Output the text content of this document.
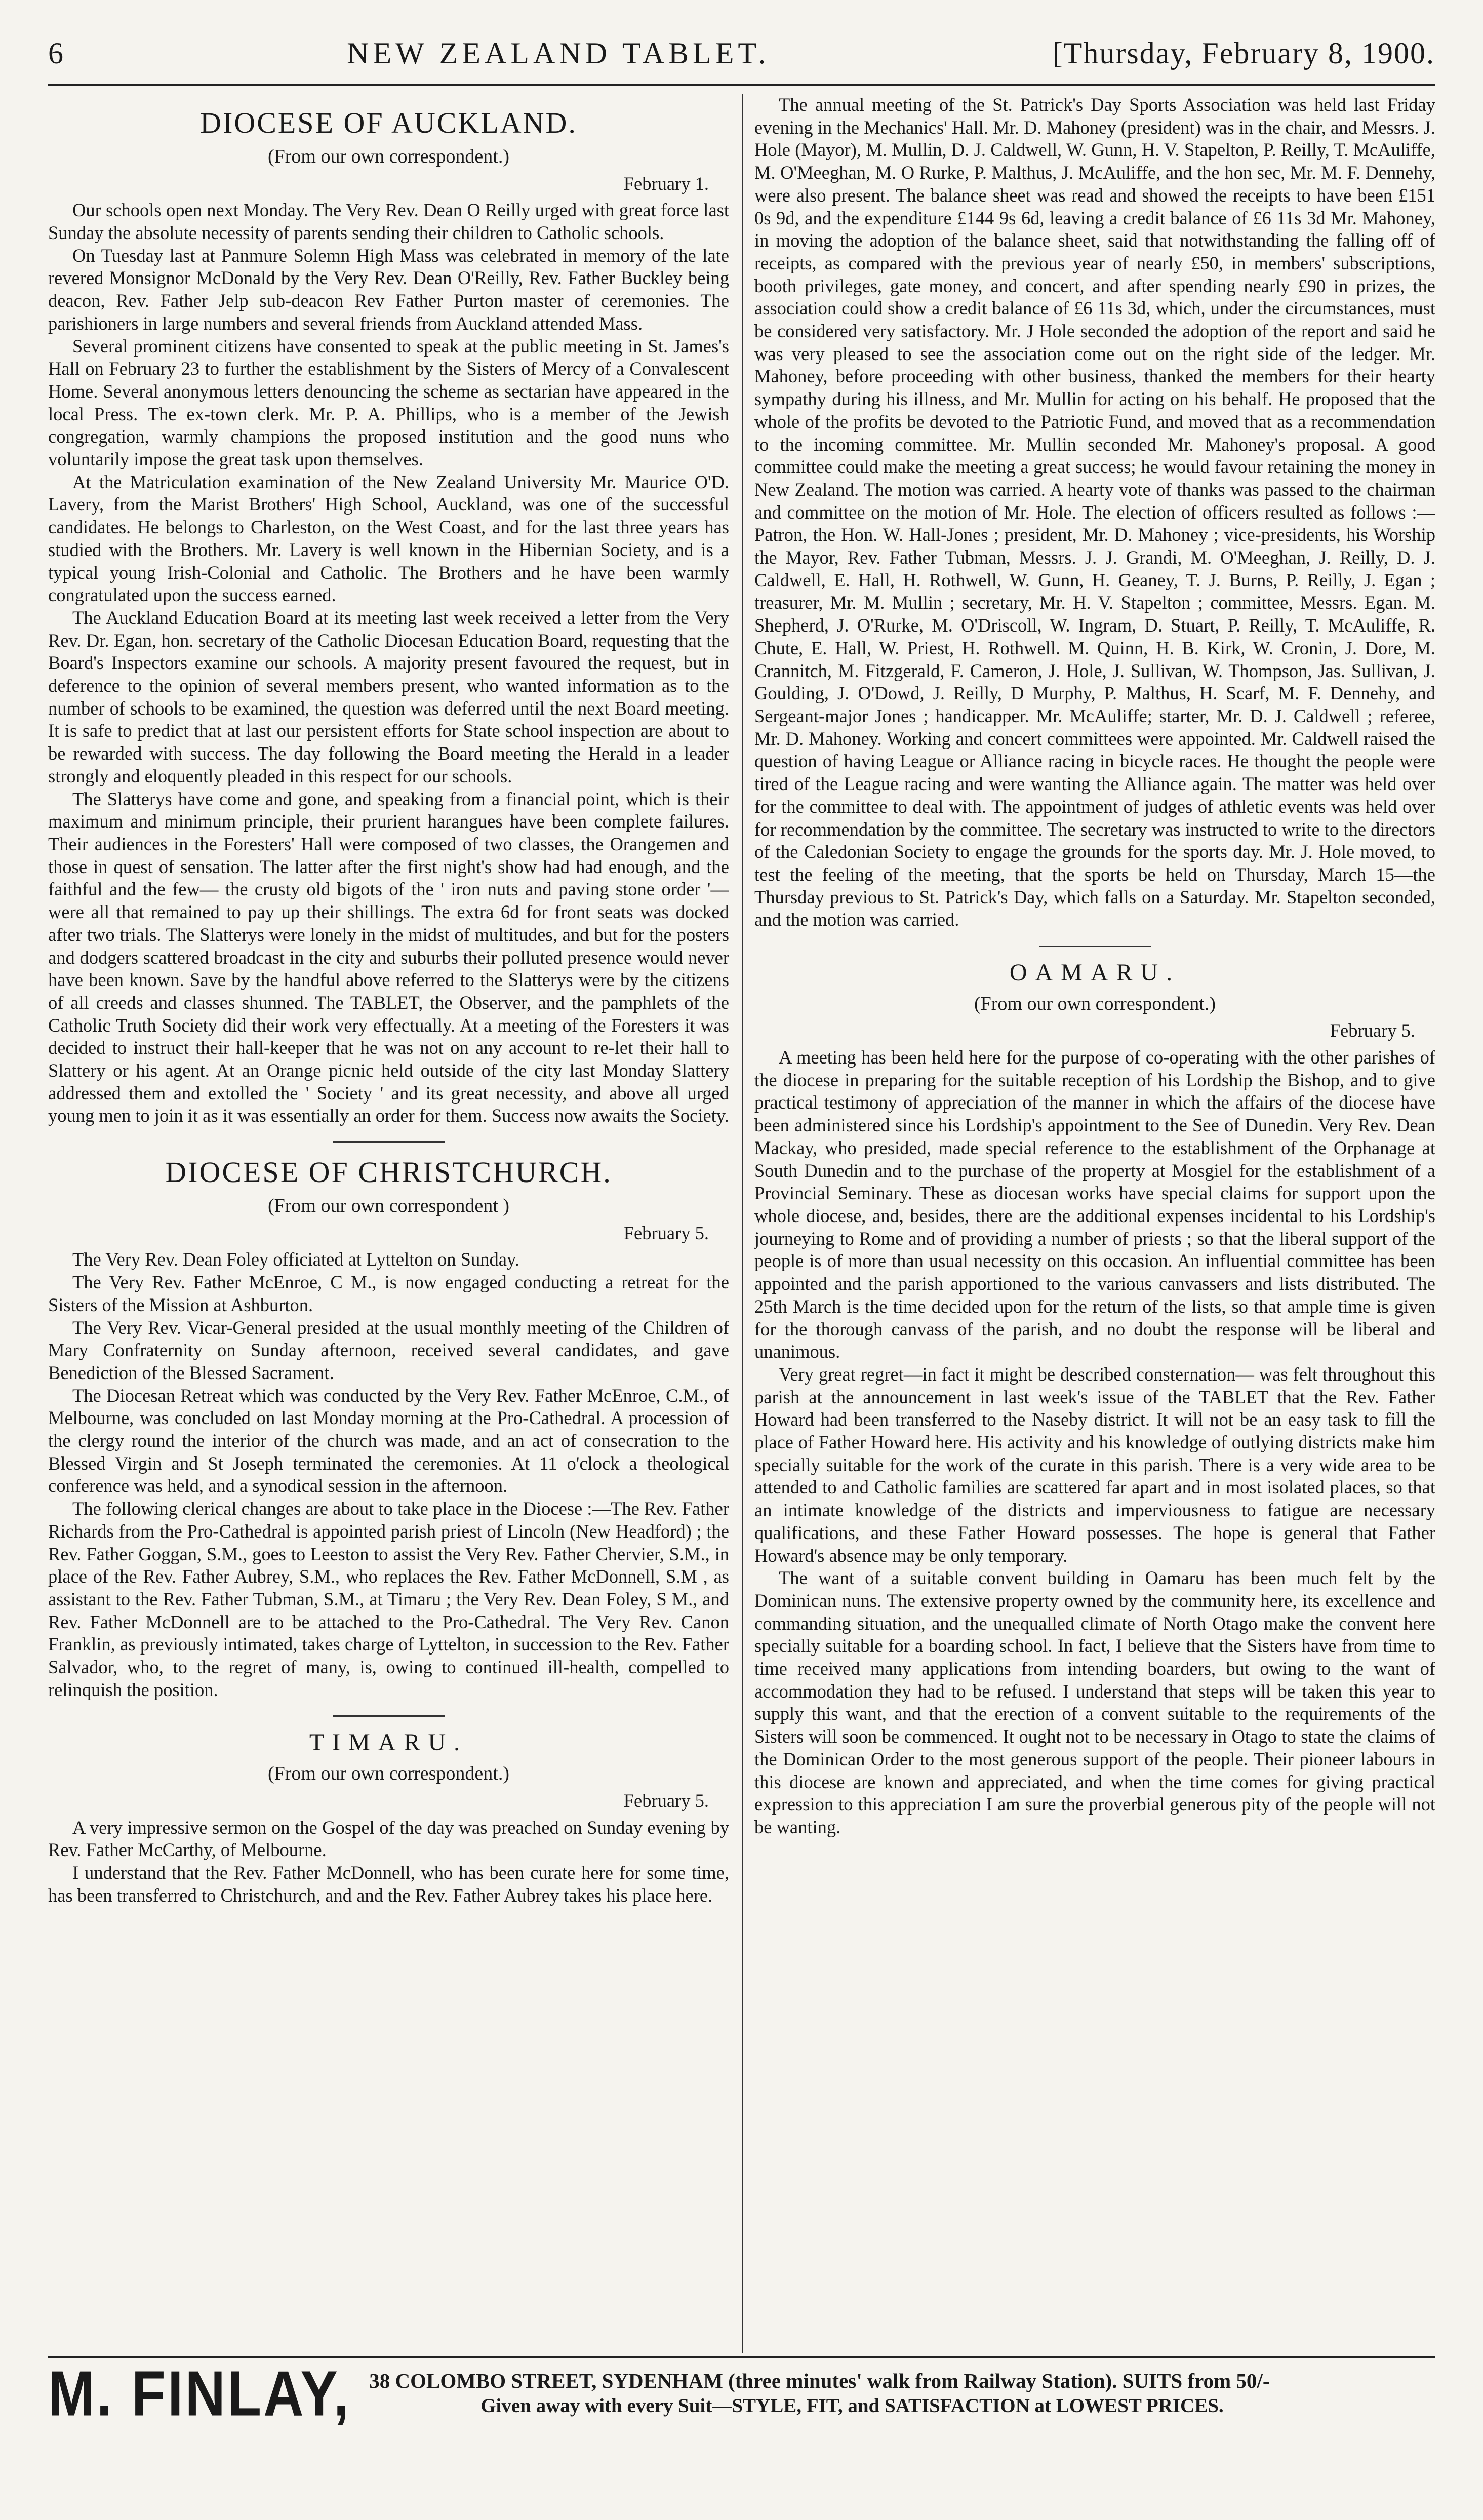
6	NEW ZEALAND TABLET.	[Thursday, February 8, 1900.
DIOCESE OF AUCKLAND.
(From our own correspondent.)
February 1.

Our schools open next Monday. The Very Rev. Dean O Reilly urged with great force last Sunday the absolute necessity of parents sending their children to Catholic schools.

On Tuesday last at Panmure Solemn High Mass was celebrated in memory of the late revered Monsignor McDonald by the Very Rev. Dean O'Reilly, Rev. Father Buckley being deacon, Rev. Father Jelp sub-deacon Rev Father Purton master of ceremonies. The parishioners in large numbers and several friends from Auckland attended Mass.

Several prominent citizens have consented to speak at the public meeting in St. James's Hall on February 23 to further the establishment by the Sisters of Mercy of a Convalescent Home. Several anonymous letters denouncing the scheme as sectarian have appeared in the local Press. The ex-town clerk. Mr. P. A. Phillips, who is a member of the Jewish congregation, warmly champions the proposed institution and the good nuns who voluntarily impose the great task upon themselves.

At the Matriculation examination of the New Zealand University Mr. Maurice O'D. Lavery, from the Marist Brothers' High School, Auckland, was one of the successful candidates. He belongs to Charleston, on the West Coast, and for the last three years has studied with the Brothers. Mr. Lavery is well known in the Hibernian Society, and is a typical young Irish-Colonial and Catholic. The Brothers and he have been warmly congratulated upon the success earned.

The Auckland Education Board at its meeting last week received a letter from the Very Rev. Dr. Egan, hon. secretary of the Catholic Diocesan Education Board, requesting that the Board's Inspectors examine our schools. A majority present favoured the request, but in deference to the opinion of several members present, who wanted information as to the number of schools to be examined, the question was deferred until the next Board meeting. It is safe to predict that at last our persistent efforts for State school inspection are about to be rewarded with success. The day following the Board meeting the Herald in a leader strongly and eloquently pleaded in this respect for our schools.

The Slatterys have come and gone, and speaking from a financial point, which is their maximum and minimum principle, their prurient harangues have been complete failures. Their audiences in the Foresters' Hall were composed of two classes, the Orangemen and those in quest of sensation. The latter after the first night's show had had enough, and the faithful and the few— the crusty old bigots of the ' iron nuts and paving stone order '— were all that remained to pay up their shillings. The extra 6d for front seats was docked after two trials. The Slatterys were lonely in the midst of multitudes, and but for the posters and dodgers scattered broadcast in the city and suburbs their polluted presence would never have been known. Save by the handful above referred to the Slatterys were by the citizens of all creeds and classes shunned. The TABLET, the Observer, and the pamphlets of the Catholic Truth Society did their work very effectually. At a meeting of the Foresters it was decided to instruct their hall-keeper that he was not on any account to re-let their hall to Slattery or his agent. At an Orange picnic held outside of the city last Monday Slattery addressed them and extolled the ' Society ' and its great necessity, and above all urged young men to join it as it was essentially an order for them. Success now awaits the Society.

DIOCESE OF CHRISTCHURCH.
(From our own correspondent )
February 5.

The Very Rev. Dean Foley officiated at Lyttelton on Sunday.

The Very Rev. Father McEnroe, C M., is now engaged conducting a retreat for the Sisters of the Mission at Ashburton.

The Very Rev. Vicar-General presided at the usual monthly meeting of the Children of Mary Confraternity on Sunday afternoon, received several candidates, and gave Benediction of the Blessed Sacrament.

The Diocesan Retreat which was conducted by the Very Rev. Father McEnroe, C.M., of Melbourne, was concluded on last Monday morning at the Pro-Cathedral. A procession of the clergy round the interior of the church was made, and an act of consecration to the Blessed Virgin and St Joseph terminated the ceremonies. At 11 o'clock a theological conference was held, and a synodical session in the afternoon.

The following clerical changes are about to take place in the Diocese :—The Rev. Father Richards from the Pro-Cathedral is appointed parish priest of Lincoln (New Headford) ; the Rev. Father Goggan, S.M., goes to Leeston to assist the Very Rev. Father Chervier, S.M., in place of the Rev. Father Aubrey, S.M., who replaces the Rev. Father McDonnell, S.M , as assistant to the Rev. Father Tubman, S.M., at Timaru ; the Very Rev. Dean Foley, S M., and Rev. Father McDonnell are to be attached to the Pro-Cathedral. The Very Rev. Canon Franklin, as previously intimated, takes charge of Lyttelton, in succession to the Rev. Father Salvador, who, to the regret of many, is, owing to continued ill-health, compelled to relinquish the position.

TIMARU.
(From our own correspondent.)
February 5.

A very impressive sermon on the Gospel of the day was preached on Sunday evening by Rev. Father McCarthy, of Melbourne.

I understand that the Rev. Father McDonnell, who has been curate here for some time, has been transferred to Christchurch, and and the Rev. Father Aubrey takes his place here.

The annual meeting of the St. Patrick's Day Sports Association was held last Friday evening in the Mechanics' Hall. Mr. D. Mahoney (president) was in the chair, and Messrs. J. Hole (Mayor), M. Mullin, D. J. Caldwell, W. Gunn, H. V. Stapelton, P. Reilly, T. McAuliffe, M. O'Meeghan, M. O Rurke, P. Malthus, J. McAuliffe, and the hon sec, Mr. M. F. Dennehy, were also present. The balance sheet was read and showed the receipts to have been £151 0s 9d, and the expenditure £144 9s 6d, leaving a credit balance of £6 11s 3d Mr. Mahoney, in moving the adoption of the balance sheet, said that notwithstanding the falling off of receipts, as compared with the previous year of nearly £50, in members' subscriptions, booth privileges, gate money, and concert, and after spending nearly £90 in prizes, the association could show a credit balance of £6 11s 3d, which, under the circumstances, must be considered very satisfactory. Mr. J Hole seconded the adoption of the report and said he was very pleased to see the association come out on the right side of the ledger. Mr. Mahoney, before proceeding with other business, thanked the members for their hearty sympathy during his illness, and Mr. Mullin for acting on his behalf. He proposed that the whole of the profits be devoted to the Patriotic Fund, and moved that as a recommendation to the incoming committee. Mr. Mullin seconded Mr. Mahoney's proposal. A good committee could make the meeting a great success; he would favour retaining the money in New Zealand. The motion was carried. A hearty vote of thanks was passed to the chairman and committee on the motion of Mr. Hole. The election of officers resulted as follows :—Patron, the Hon. W. Hall-Jones ; president, Mr. D. Mahoney ; vice-presidents, his Worship the Mayor, Rev. Father Tubman, Messrs. J. J. Grandi, M. O'Meeghan, J. Reilly, D. J. Caldwell, E. Hall, H. Rothwell, W. Gunn, H. Geaney, T. J. Burns, P. Reilly, J. Egan ; treasurer, Mr. M. Mullin ; secretary, Mr. H. V. Stapelton ; committee, Messrs. Egan. M. Shepherd, J. O'Rurke, M. O'Driscoll, W. Ingram, D. Stuart, P. Reilly, T. McAuliffe, R. Chute, E. Hall, W. Priest, H. Rothwell. M. Quinn, H. B. Kirk, W. Cronin, J. Dore, M. Crannitch, M. Fitzgerald, F. Cameron, J. Hole, J. Sullivan, W. Thompson, Jas. Sullivan, J. Goulding, J. O'Dowd, J. Reilly, D Murphy, P. Malthus, H. Scarf, M. F. Dennehy, and Sergeant-major Jones ; handicapper. Mr. McAuliffe; starter, Mr. D. J. Caldwell ; referee, Mr. D. Mahoney. Working and concert committees were appointed. Mr. Caldwell raised the question of having League or Alliance racing in bicycle races. He thought the people were tired of the League racing and were wanting the Alliance again. The matter was held over for the committee to deal with. The appointment of judges of athletic events was held over for recommendation by the committee. The secretary was instructed to write to the directors of the Caledonian Society to engage the grounds for the sports day. Mr. J. Hole moved, to test the feeling of the meeting, that the sports be held on Thursday, March 15—the Thursday previous to St. Patrick's Day, which falls on a Saturday. Mr. Stapelton seconded, and the motion was carried.

OAMARU.
(From our own correspondent.)
February 5.

A meeting has been held here for the purpose of co-operating with the other parishes of the diocese in preparing for the suitable reception of his Lordship the Bishop, and to give practical testimony of appreciation of the manner in which the affairs of the diocese have been administered since his Lordship's appointment to the See of Dunedin. Very Rev. Dean Mackay, who presided, made special reference to the establishment of the Orphanage at South Dunedin and to the purchase of the property at Mosgiel for the establishment of a Provincial Seminary. These as diocesan works have special claims for support upon the whole diocese, and, besides, there are the additional expenses incidental to his Lordship's journeying to Rome and of providing a number of priests ; so that the liberal support of the people is of more than usual necessity on this occasion. An influential committee has been appointed and the parish apportioned to the various canvassers and lists distributed. The 25th March is the time decided upon for the return of the lists, so that ample time is given for the thorough canvass of the parish, and no doubt the response will be liberal and unanimous.

Very great regret—in fact it might be described consternation— was felt throughout this parish at the announcement in last week's issue of the TABLET that the Rev. Father Howard had been transferred to the Naseby district. It will not be an easy task to fill the place of Father Howard here. His activity and his knowledge of outlying districts make him specially suitable for the work of the curate in this parish. There is a very wide area to be attended to and Catholic families are scattered far apart and in most isolated places, so that an intimate knowledge of the districts and imperviousness to fatigue are necessary qualifications, and these Father Howard possesses. The hope is general that Father Howard's absence may be only temporary.

The want of a suitable convent building in Oamaru has been much felt by the Dominican nuns. The extensive property owned by the community here, its excellence and commanding situation, and the unequalled climate of North Otago make the convent here specially suitable for a boarding school. In fact, I believe that the Sisters have from time to time received many applications from intending boarders, but owing to the want of accommodation they had to be refused. I understand that steps will be taken this year to supply this want, and that the erection of a convent suitable to the requirements of the Sisters will soon be commenced. It ought not to be necessary in Otago to state the claims of the Dominican Order to the most generous support of the people. Their pioneer labours in this diocese are known and appreciated, and when the time comes for giving practical expression to this appreciation I am sure the proverbial generous pity of the people will not be wanting.

M. FINLAY, 38 COLOMBO STREET, SYDENHAM (three minutes' walk from Railway Station). SUITS from 50/-
Given away with every Suit—STYLE, FIT, and SATISFACTION at LOWEST PRICES.
